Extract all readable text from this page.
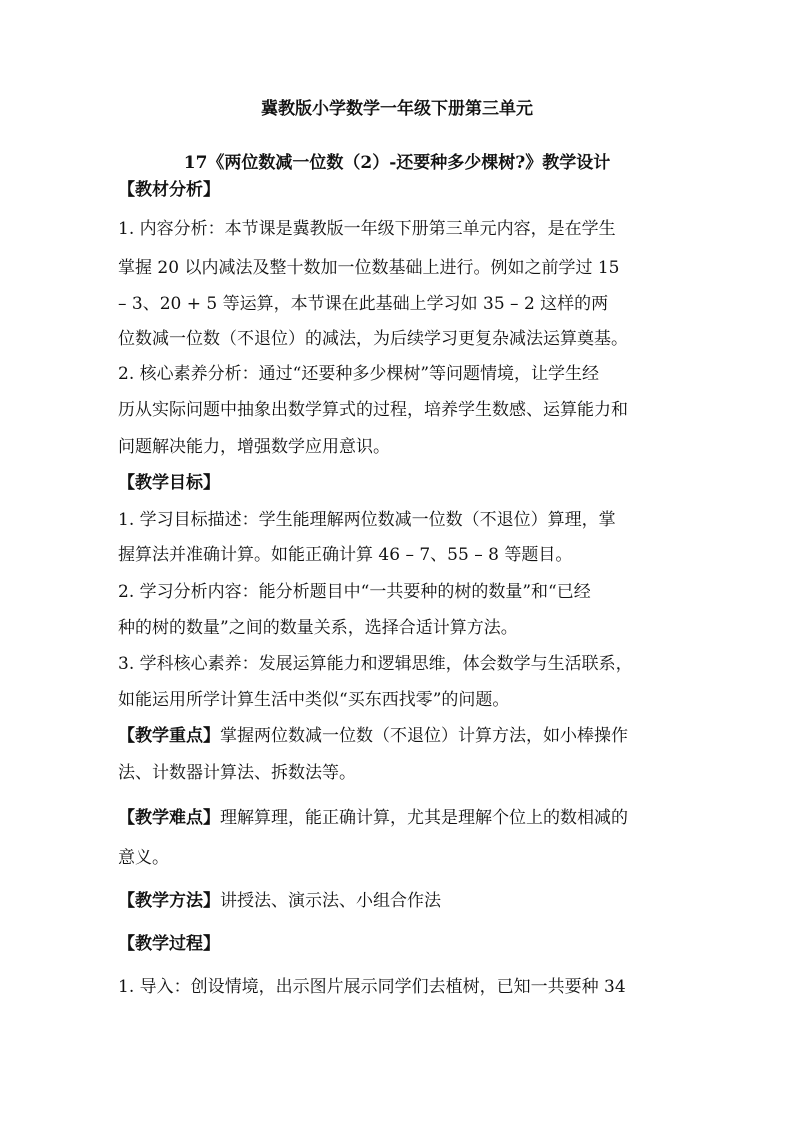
冀教版小学数学一年级下册第三单元
17《两位数减一位数（2）-还要种多少棵树?》教学设计
【教材分析】
1. 内容分析：本节课是冀教版一年级下册第三单元内容，是在学生
掌握 20 以内减法及整十数加一位数基础上进行。例如之前学过 15
– 3、20 + 5 等运算，本节课在此基础上学习如 35 – 2 这样的两
位数减一位数（不退位）的减法，为后续学习更复杂减法运算奠基。
2. 核心素养分析：通过“还要种多少棵树”等问题情境，让学生经
历从实际问题中抽象出数学算式的过程，培养学生数感、运算能力和
问题解决能力，增强数学应用意识。
【教学目标】
1. 学习目标描述：学生能理解两位数减一位数（不退位）算理，掌
握算法并准确计算。如能正确计算 46 – 7、55 – 8 等题目。
2. 学习分析内容：能分析题目中“一共要种的树的数量”和“已经
种的树的数量”之间的数量关系，选择合适计算方法。
3. 学科核心素养：发展运算能力和逻辑思维，体会数学与生活联系，
如能运用所学计算生活中类似“买东西找零”的问题。
【教学重点】掌握两位数减一位数（不退位）计算方法，如小棒操作
法、计数器计算法、拆数法等。
【教学难点】理解算理，能正确计算，尤其是理解个位上的数相减的
意义。
【教学方法】讲授法、演示法、小组合作法
【教学过程】
1. 导入：创设情境，出示图片展示同学们去植树，已知一共要种 34
